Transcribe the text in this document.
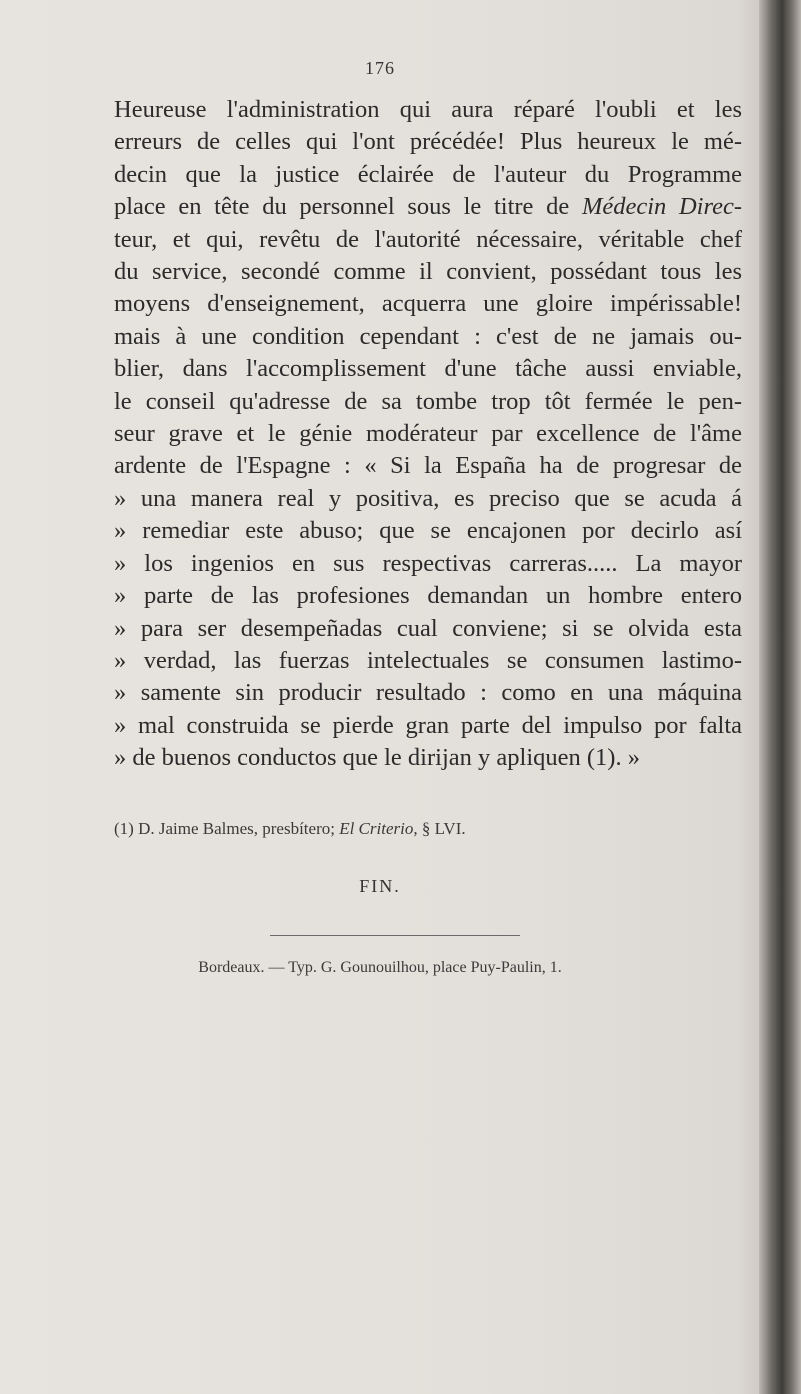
176
Heureuse l'administration qui aura réparé l'oubli et les
erreurs de celles qui l'ont précédée! Plus heureux le mé-
decin que la justice éclairée de l'auteur du Programme
place en tête du personnel sous le titre de Médecin Direc-
teur, et qui, revêtu de l'autorité nécessaire, véritable chef
du service, secondé comme il convient, possédant tous les
moyens d'enseignement, acquerra une gloire impérissable!
mais à une condition cependant : c'est de ne jamais ou-
blier, dans l'accomplissement d'une tâche aussi enviable,
le conseil qu'adresse de sa tombe trop tôt fermée le pen-
seur grave et le génie modérateur par excellence de l'âme
ardente de l'Espagne : « Si la España ha de progresar de
» una manera real y positiva, es preciso que se acuda á
» remediar este abuso; que se encajonen por decirlo así
» los ingenios en sus respectivas carreras..... La mayor
» parte de las profesiones demandan un hombre entero
» para ser desempeñadas cual conviene; si se olvida esta
» verdad, las fuerzas intelectuales se consumen lastimo-
» samente sin producir resultado : como en una máquina
» mal construida se pierde gran parte del impulso por falta
» de buenos conductos que le dirijan y apliquen (1). »
(1) D. Jaime Balmes, presbítero; El Criterio, § LVI.
FIN.
Bordeaux. — Typ. G. Gounouilhou, place Puy-Paulin, 1.
